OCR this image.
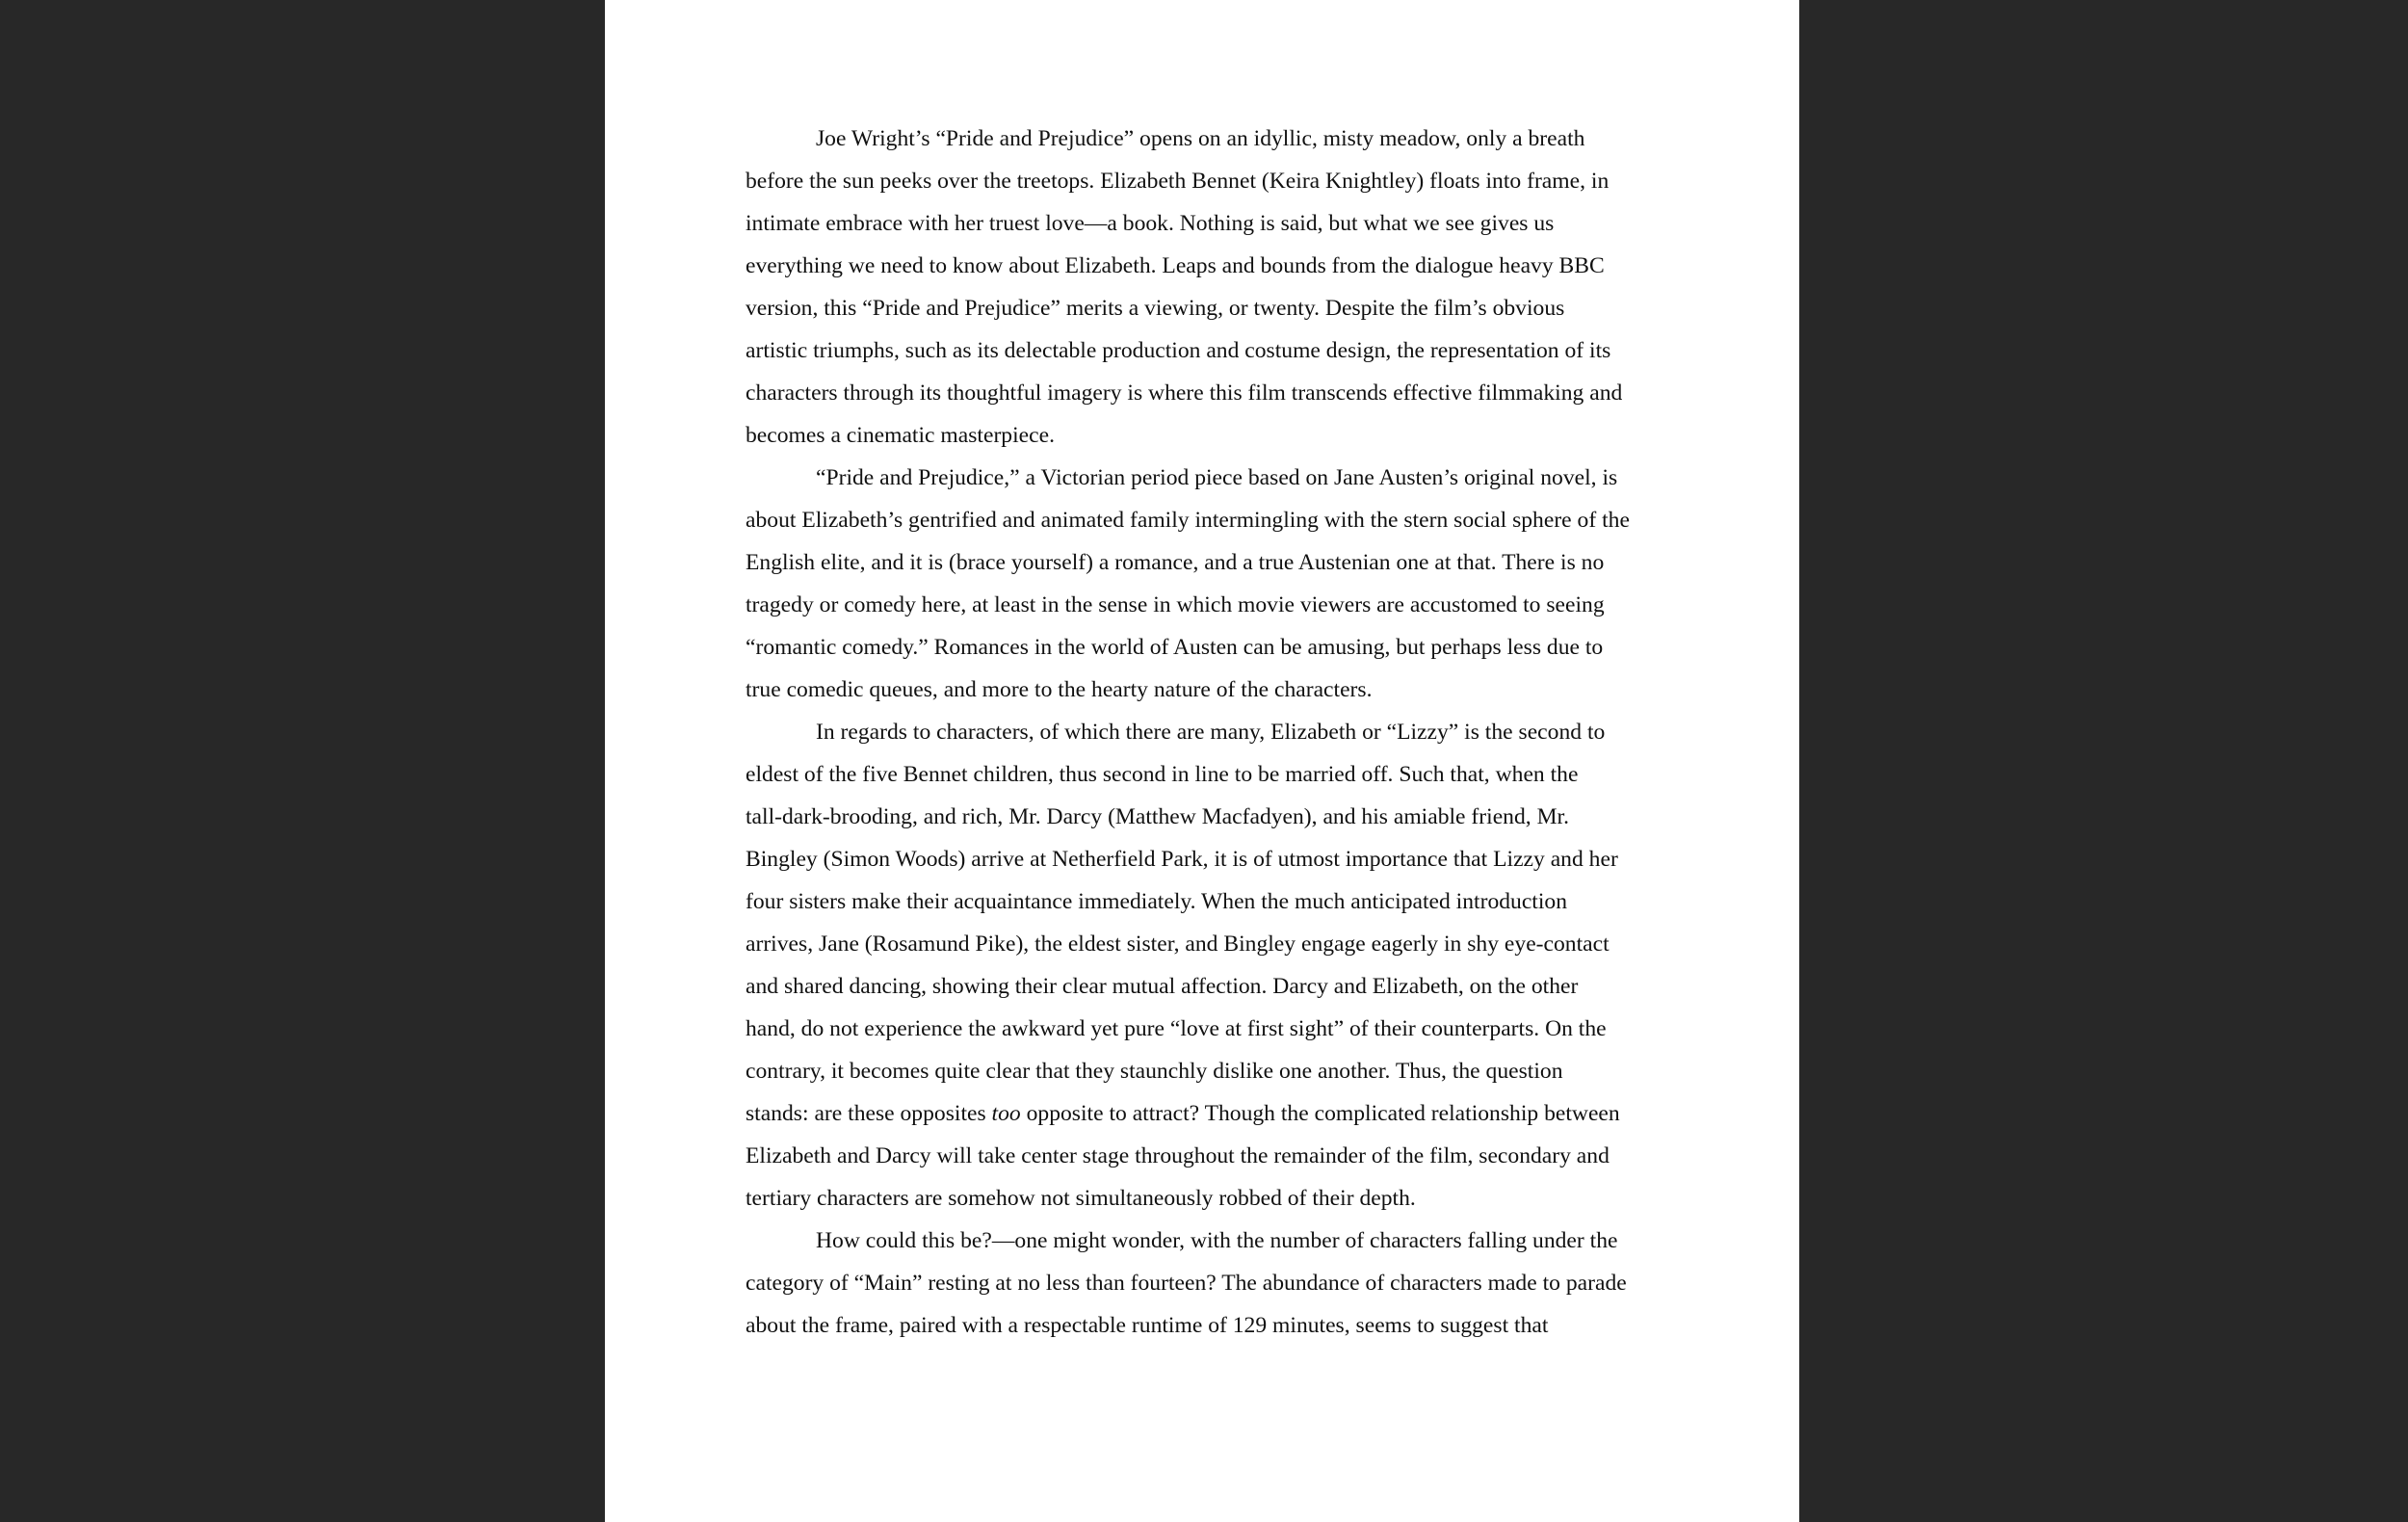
Joe Wright’s “Pride and Prejudice” opens on an idyllic, misty meadow, only a breath
before the sun peeks over the treetops. Elizabeth Bennet (Keira Knightley) floats into frame, in
intimate embrace with her truest love—a book. Nothing is said, but what we see gives us
everything we need to know about Elizabeth. Leaps and bounds from the dialogue heavy BBC
version, this “Pride and Prejudice” merits a viewing, or twenty. Despite the film’s obvious
artistic triumphs, such as its delectable production and costume design, the representation of its
characters through its thoughtful imagery is where this film transcends effective filmmaking and
becomes a cinematic masterpiece.

“Pride and Prejudice,” a Victorian period piece based on Jane Austen’s original novel, is
about Elizabeth’s gentrified and animated family intermingling with the stern social sphere of the
English elite, and it is (brace yourself) a romance, and a true Austenian one at that. There is no
tragedy or comedy here, at least in the sense in which movie viewers are accustomed to seeing
“romantic comedy.” Romances in the world of Austen can be amusing, but perhaps less due to
true comedic queues, and more to the hearty nature of the characters.

In regards to characters, of which there are many, Elizabeth or “Lizzy” is the second to
eldest of the five Bennet children, thus second in line to be married off. Such that, when the
tall-dark-brooding, and rich, Mr. Darcy (Matthew Macfadyen), and his amiable friend, Mr.
Bingley (Simon Woods) arrive at Netherfield Park, it is of utmost importance that Lizzy and her
four sisters make their acquaintance immediately. When the much anticipated introduction
arrives, Jane (Rosamund Pike), the eldest sister, and Bingley engage eagerly in shy eye-contact
and shared dancing, showing their clear mutual affection. Darcy and Elizabeth, on the other
hand, do not experience the awkward yet pure “love at first sight” of their counterparts. On the
contrary, it becomes quite clear that they staunchly dislike one another. Thus, the question
stands: are these opposites too opposite to attract? Though the complicated relationship between
Elizabeth and Darcy will take center stage throughout the remainder of the film, secondary and
tertiary characters are somehow not simultaneously robbed of their depth.

How could this be?—one might wonder, with the number of characters falling under the
category of “Main” resting at no less than fourteen? The abundance of characters made to parade
about the frame, paired with a respectable runtime of 129 minutes, seems to suggest that
